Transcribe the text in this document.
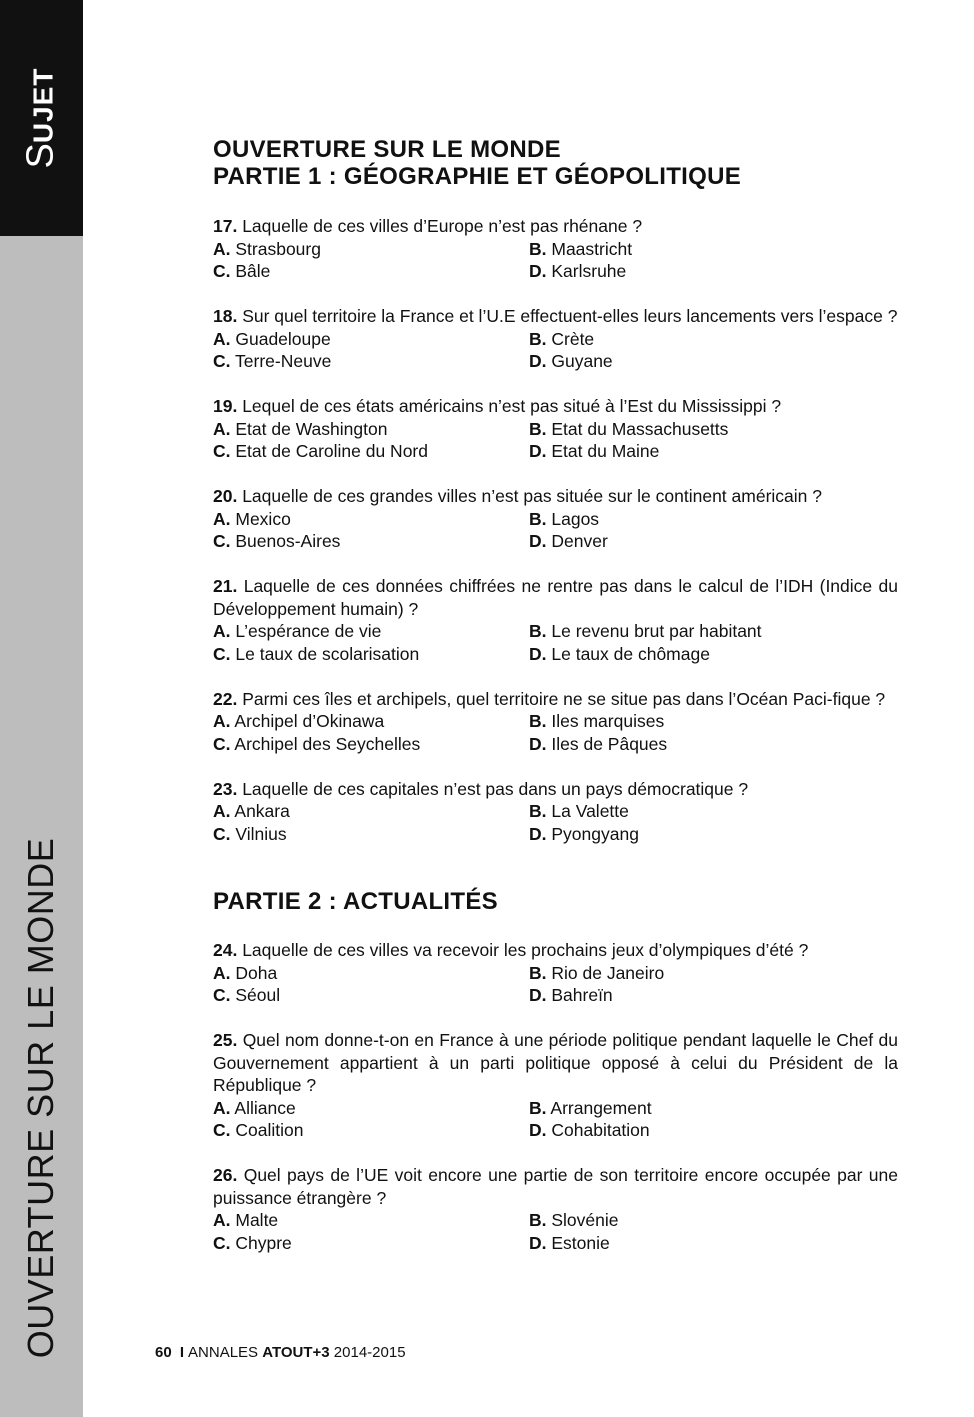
SUJET
OUVERTURE SUR LE MONDE
OUVERTURE SUR LE MONDE
PARTIE 1 : GÉOGRAPHIE ET GÉOPOLITIQUE

17. Laquelle de ces villes d’Europe n’est pas rhénane ?

A. Strasbourg	B. Maastricht
C. Bâle	D. Karlsruhe

18. Sur quel territoire la France et l’U.E effectuent-elles leurs lancements vers l’espace ?

A. Guadeloupe	B. Crète
C. Terre-Neuve	D. Guyane

19. Lequel de ces états américains n’est pas situé à l’Est du Mississippi ?

A. Etat de Washington	B. Etat du Massachusetts
C. Etat de Caroline du Nord	D. Etat du Maine

20. Laquelle de ces grandes villes n’est pas située sur le continent américain ?

A. Mexico	B. Lagos
C. Buenos-Aires	D. Denver

21. Laquelle de ces données chiffrées ne rentre pas dans le calcul de l’IDH (Indice du Développement humain) ?

A. L’espérance de vie	B. Le revenu brut par habitant
C. Le taux de scolarisation	D. Le taux de chômage

22. Parmi ces îles et archipels, quel territoire ne se situe pas dans l’Océan Paci-fique ?

A. Archipel d’Okinawa	B. Iles marquises
C. Archipel des Seychelles	D. Iles de Pâques

23. Laquelle de ces capitales n’est pas dans un pays démocratique ?

A. Ankara	B. La Valette
C. Vilnius	D. Pyongyang
PARTIE 2 : ACTUALITÉS

24. Laquelle de ces villes va recevoir les prochains jeux d’olympiques d’été ?

A. Doha	B. Rio de Janeiro
C. Séoul	D. Bahreïn

25. Quel nom donne-t-on en France à une période politique pendant laquelle le Chef du Gouvernement appartient à un parti politique opposé à celui du Président de la République ?

A. Alliance	B. Arrangement
C. Coalition	D. Cohabitation

26. Quel pays de l’UE voit encore une partie de son territoire encore occupée par une puissance étrangère ?

A. Malte	B. Slovénie
C. Chypre	D. Estonie
60 I ANNALES ATOUT+3 2014-2015
